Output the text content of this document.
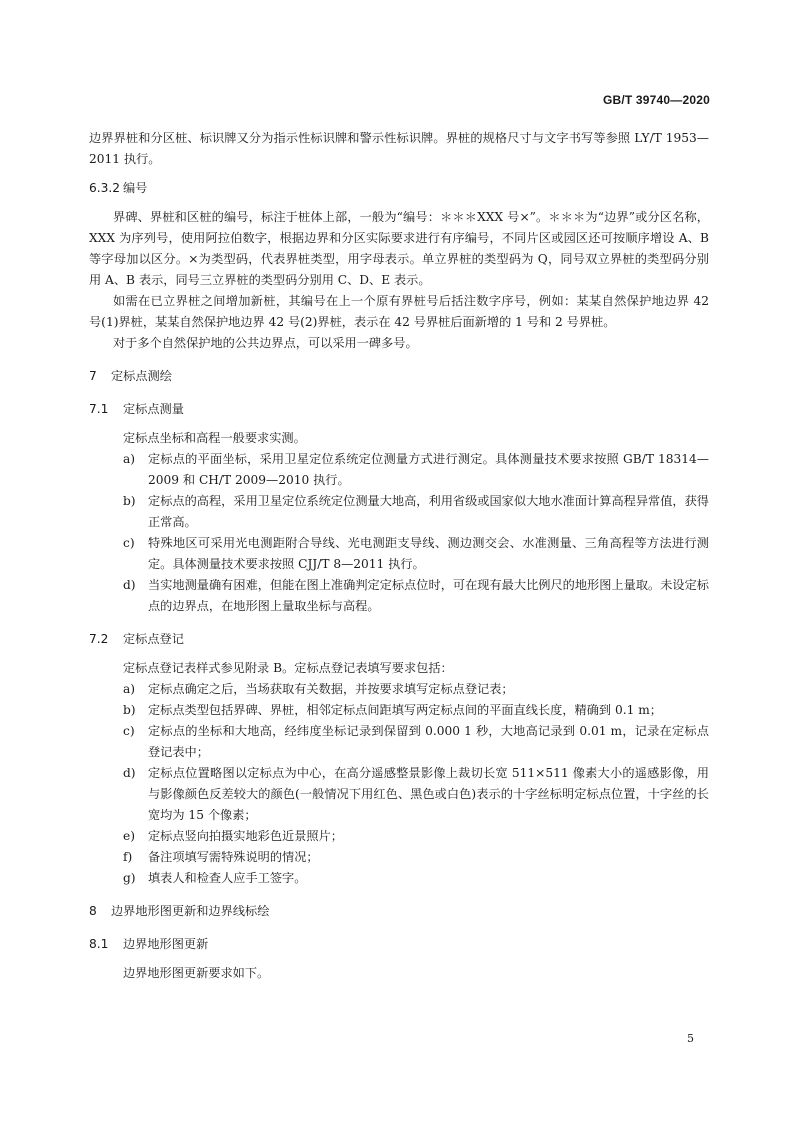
GB/T 39740—2020

边界界桩和分区桩、标识牌又分为指示性标识牌和警示性标识牌。界桩的规格尺寸与文字书写等参照 LY/T 1953—2011 执行。

6.3.2 编号

界碑、界桩和区桩的编号，标注于桩体上部，一般为“编号：＊＊＊XXX 号×”。＊＊＊为“边界”或分区名称，XXX 为序列号，使用阿拉伯数字，根据边界和分区实际要求进行有序编号，不同片区或园区还可按顺序增设 A、B 等字母加以区分。×为类型码，代表界桩类型，用字母表示。单立界桩的类型码为 Q，同号双立界桩的类型码分别用 A、B 表示，同号三立界桩的类型码分别用 C、D、E 表示。

如需在已立界桩之间增加新桩，其编号在上一个原有界桩号后括注数字序号，例如：某某自然保护地边界 42 号(1)界桩，某某自然保护地边界 42 号(2)界桩，表示在 42 号界桩后面新增的 1 号和 2 号界桩。

对于多个自然保护地的公共边界点，可以采用一碑多号。

7 定标点测绘

7.1 定标点测量

定标点坐标和高程一般要求实测。

a) 定标点的平面坐标，采用卫星定位系统定位测量方式进行测定。具体测量技术要求按照 GB/T 18314—2009 和 CH/T 2009—2010 执行。
b) 定标点的高程，采用卫星定位系统定位测量大地高，利用省级或国家似大地水准面计算高程异常值，获得正常高。
c) 特殊地区可采用光电测距附合导线、光电测距支导线、测边测交会、水准测量、三角高程等方法进行测定。具体测量技术要求按照 CJJ/T 8—2011 执行。
d) 当实地测量确有困难，但能在图上准确判定定标点位时，可在现有最大比例尺的地形图上量取。未设定标点的边界点，在地形图上量取坐标与高程。

7.2 定标点登记

定标点登记表样式参见附录 B。定标点登记表填写要求包括：

a) 定标点确定之后，当场获取有关数据，并按要求填写定标点登记表；
b) 定标点类型包括界碑、界桩，相邻定标点间距填写两定标点间的平面直线长度，精确到 0.1 m；
c) 定标点的坐标和大地高，经纬度坐标记录到保留到 0.000 1 秒，大地高记录到 0.01 m，记录在定标点登记表中；
d) 定标点位置略图以定标点为中心，在高分遥感整景影像上裁切长宽 511×511 像素大小的遥感影像，用与影像颜色反差较大的颜色(一般情况下用红色、黑色或白色)表示的十字丝标明定标点位置，十字丝的长宽均为 15 个像素；
e) 定标点竖向拍摄实地彩色近景照片；
f) 备注项填写需特殊说明的情况；
g) 填表人和检查人应手工签字。

8 边界地形图更新和边界线标绘

8.1 边界地形图更新

边界地形图更新要求如下。

5
